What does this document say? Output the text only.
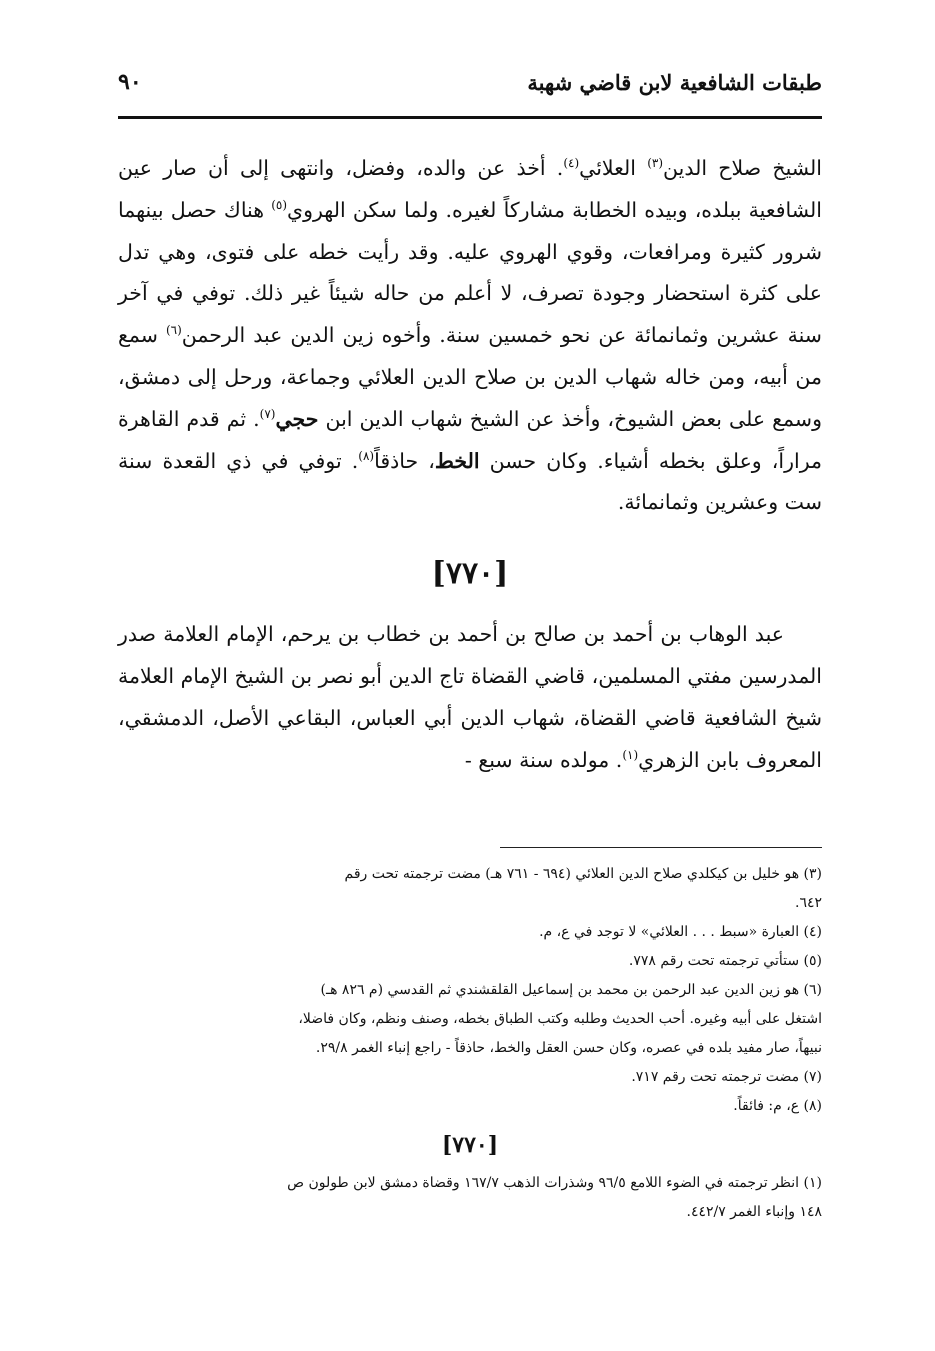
طبقات الشافعية لابن قاضي شهبة
٩٠

الشيخ صلاح الدين$^{(٣)}$ العلائي$^{(٤)}$. أخذ عن والده، وفضل، وانتهى إلى أن صار عين الشافعية ببلده، وبيده الخطابة مشاركاً لغيره. ولما سكن الهروي$^{(٥)}$ هناك حصل بينهما شرور كثيرة ومرافعات، وقوي الهروي عليه. وقد رأيت خطه على فتوى، وهي تدل على كثرة استحضار وجودة تصرف، لا أعلم من حاله شيئاً غير ذلك. توفي في آخر سنة عشرين وثمانمائة عن نحو خمسين سنة. وأخوه زين الدين عبد الرحمن$^{(٦)}$ سمع من أبيه، ومن خاله شهاب الدين بن صلاح الدين العلائي وجماعة، ورحل إلى دمشق، وسمع على بعض الشيوخ، وأخذ عن الشيخ شهاب الدين ابن حجي$^{(٧)}$. ثم قدم القاهرة مراراً، وعلق بخطه أشياء. وكان حسن الخط، حاذقاً$^{(٨)}$. توفي في ذي القعدة سنة ست وعشرين وثمانمائة.

[٧٧٠]

عبد الوهاب بن أحمد بن صالح بن أحمد بن خطاب بن يرحم، الإمام العلامة صدر المدرسين مفتي المسلمين، قاضي القضاة تاج الدين أبو نصر بن الشيخ الإمام العلامة شيخ الشافعية قاضي القضاة، شهاب الدين أبي العباس، البقاعي الأصل، الدمشقي، المعروف بابن الزهري$^{(١)}$. مولده سنة سبع -

(٣) هو خليل بن كيكلدي صلاح الدين العلائي (٦٩٤ - ٧٦١ هـ) مضت ترجمته تحت رقم

٦٤٢.

(٤) العبارة «سبط . . . العلائي» لا توجد في ع، م.

(٥) ستأتي ترجمته تحت رقم ٧٧٨.

(٦) هو زين الدين عبد الرحمن بن محمد بن إسماعيل القلقشندي ثم القدسي (م ٨٢٦ هـ)

اشتغل على أبيه وغيره. أحب الحديث وطلبه وكتب الطباق بخطه، وصنف ونظم، وكان فاضلا،

نبيهاً، صار مفيد بلده في عصره، وكان حسن العقل والخط، حاذقاً - راجع إنباء الغمر ٢٩/٨.

(٧) مضت ترجمته تحت رقم ٧١٧.

(٨) ع، م: فائقاً.

[٧٧٠]

(١) انظر ترجمته في الضوء اللامع ٩٦/٥ وشذرات الذهب ١٦٧/٧ وقضاة دمشق لابن طولون ص

١٤٨ وإنباء الغمر ٤٤٢/٧.
